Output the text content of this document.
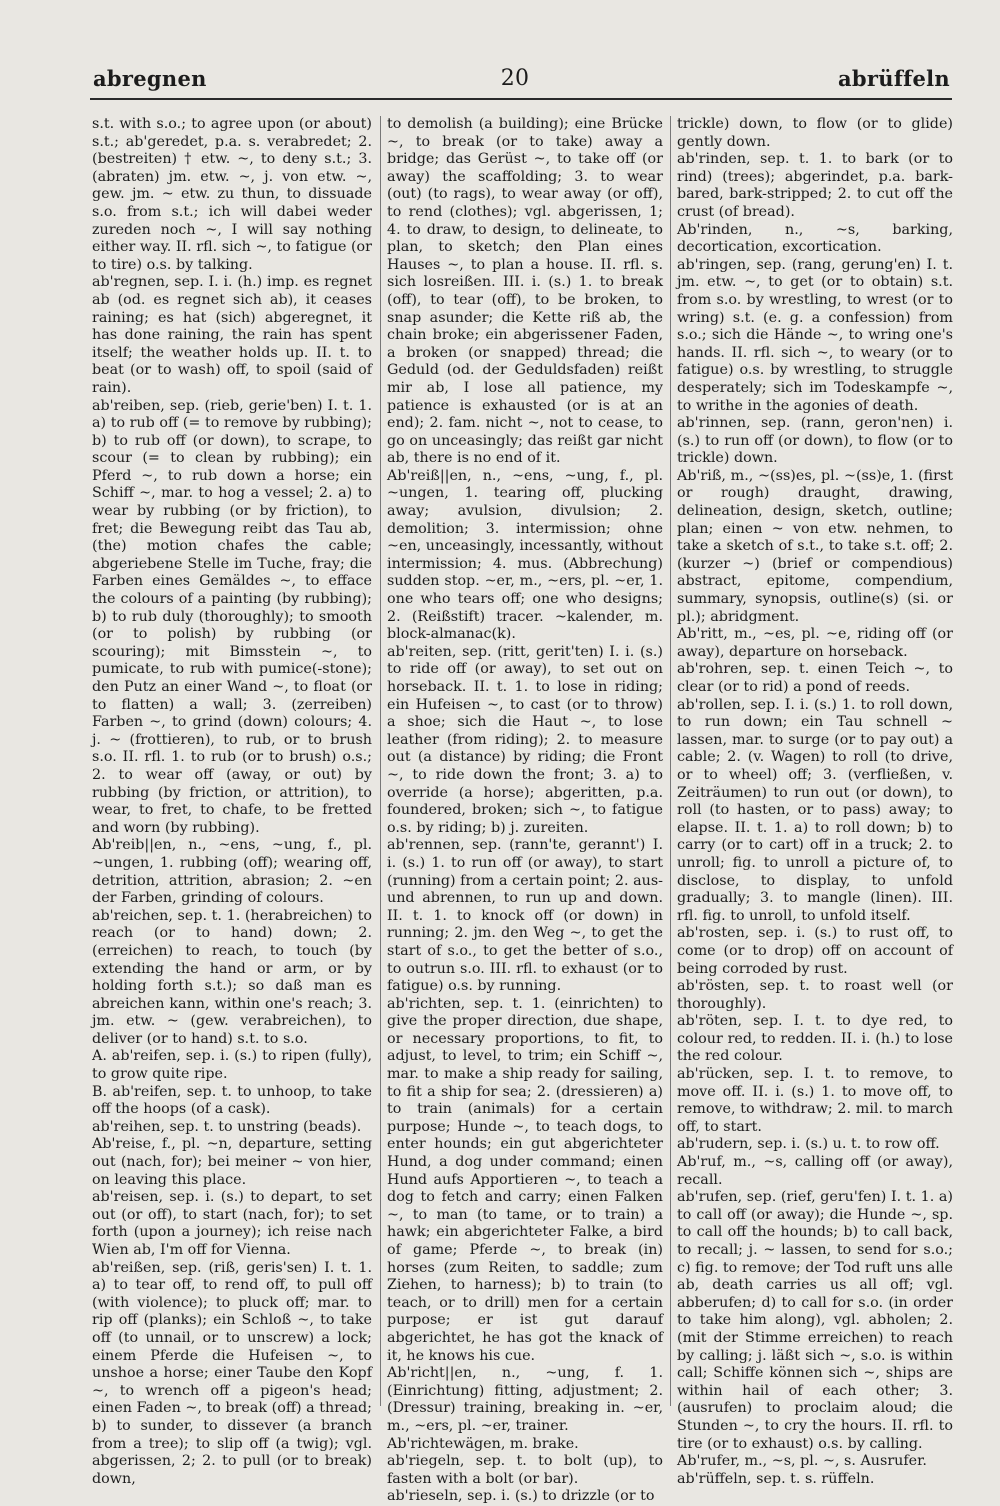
abregnen	20	abrüffeln

s.t. with s.o.; to agree upon (or about) s.t.; ab'geredet, p.a. s. verabredet; 2. (bestreiten) † etw. ~, to deny s.t.; 3. (abraten) jm. etw. ~, j. von etw. ~, gew. jm. ~ etw. zu thun, to dissuade s.o. from s.t.; ich will dabei weder zureden noch ~, I will say nothing either way. II. rfl. sich ~, to fatigue (or to tire) o.s. by talking.

ab'regnen, sep. I. i. (h.) imp. es regnet ab (od. es regnet sich ab), it ceases raining; es hat (sich) abgeregnet, it has done raining, the rain has spent itself; the weather holds up. II. t. to beat (or to wash) off, to spoil (said of rain).

ab'reiben, sep. (rieb, gerie'ben) I. t. 1. a) to rub off (= to remove by rubbing); b) to rub off (or down), to scrape, to scour (= to clean by rubbing); ein Pferd ~, to rub down a horse; ein Schiff ~, mar. to hog a vessel; 2. a) to wear by rubbing (or by friction), to fret; die Bewegung reibt das Tau ab, (the) motion chafes the cable; abgeriebene Stelle im Tuche, fray; die Farben eines Gemäldes ~, to efface the colours of a painting (by rubbing); b) to rub duly (thoroughly); to smooth (or to polish) by rubbing (or scouring); mit Bimsstein ~, to pumicate, to rub with pumice(-stone); den Putz an einer Wand ~, to float (or to flatten) a wall; 3. (zerreiben) Farben ~, to grind (down) colours; 4. j. ~ (frottieren), to rub, or to brush s.o. II. rfl. 1. to rub (or to brush) o.s.; 2. to wear off (away, or out) by rubbing (by friction, or attrition), to wear, to fret, to chafe, to be fretted and worn (by rubbing).

Ab'reib||en, n., ~ens, ~ung, f., pl. ~ungen, 1. rubbing (off); wearing off, detrition, attrition, abrasion; 2. ~en der Farben, grinding of colours.

ab'reichen, sep. t. 1. (herabreichen) to reach (or to hand) down; 2. (erreichen) to reach, to touch (by extending the hand or arm, or by holding forth s.t.); so daß man es abreichen kann, within one's reach; 3. jm. etw. ~ (gew. verabreichen), to deliver (or to hand) s.t. to s.o.

A. ab'reifen, sep. i. (s.) to ripen (fully), to grow quite ripe.

B. ab'reifen, sep. t. to unhoop, to take off the hoops (of a cask).

ab'reihen, sep. t. to unstring (beads).

Ab'reise, f., pl. ~n, departure, setting out (nach, for); bei meiner ~ von hier, on leaving this place.

ab'reisen, sep. i. (s.) to depart, to set out (or off), to start (nach, for); to set forth (upon a journey); ich reise nach Wien ab, I'm off for Vienna.

ab'reißen, sep. (riß, geris'sen) I. t. 1. a) to tear off, to rend off, to pull off (with violence); to pluck off; mar. to rip off (planks); ein Schloß ~, to take off (to unnail, or to unscrew) a lock; einem Pferde die Hufeisen ~, to unshoe a horse; einer Taube den Kopf ~, to wrench off a pigeon's head; einen Faden ~, to break (off) a thread; b) to sunder, to dissever (a branch from a tree); to slip off (a twig); vgl. abgerissen, 2; 2. to pull (or to break) down,

to demolish (a building); eine Brücke ~, to break (or to take) away a bridge; das Gerüst ~, to take off (or away) the scaffolding; 3. to wear (out) (to rags), to wear away (or off), to rend (clothes); vgl. abgerissen, 1; 4. to draw, to design, to delineate, to plan, to sketch; den Plan eines Hauses ~, to plan a house. II. rfl. s. sich losreißen. III. i. (s.) 1. to break (off), to tear (off), to be broken, to snap asunder; die Kette riß ab, the chain broke; ein abgerissener Faden, a broken (or snapped) thread; die Geduld (od. der Geduldsfaden) reißt mir ab, I lose all patience, my patience is exhausted (or is at an end); 2. fam. nicht ~, not to cease, to go on unceasingly; das reißt gar nicht ab, there is no end of it.

Ab'reiß||en, n., ~ens, ~ung, f., pl. ~ungen, 1. tearing off, plucking away; avulsion, divulsion; 2. demolition; 3. intermission; ohne ~en, unceasingly, incessantly, without intermission; 4. mus. (Abbrechung) sudden stop. ~er, m., ~ers, pl. ~er, 1. one who tears off; one who designs; 2. (Reißstift) tracer. ~kalender, m. block-almanac(k).

ab'reiten, sep. (ritt, gerit'ten) I. i. (s.) to ride off (or away), to set out on horseback. II. t. 1. to lose in riding; ein Hufeisen ~, to cast (or to throw) a shoe; sich die Haut ~, to lose leather (from riding); 2. to measure out (a distance) by riding; die Front ~, to ride down the front; 3. a) to override (a horse); abgeritten, p.a. foundered, broken; sich ~, to fatigue o.s. by riding; b) j. zureiten.

ab'rennen, sep. (rann'te, gerannt') I. i. (s.) 1. to run off (or away), to start (running) from a certain point; 2. aus- und abrennen, to run up and down. II. t. 1. to knock off (or down) in running; 2. jm. den Weg ~, to get the start of s.o., to get the better of s.o., to outrun s.o. III. rfl. to exhaust (or to fatigue) o.s. by running.

ab'richten, sep. t. 1. (einrichten) to give the proper direction, due shape, or necessary proportions, to fit, to adjust, to level, to trim; ein Schiff ~, mar. to make a ship ready for sailing, to fit a ship for sea; 2. (dressieren) a) to train (animals) for a certain purpose; Hunde ~, to teach dogs, to enter hounds; ein gut abgerichteter Hund, a dog under command; einen Hund aufs Apportieren ~, to teach a dog to fetch and carry; einen Falken ~, to man (to tame, or to train) a hawk; ein abgerichteter Falke, a bird of game; Pferde ~, to break (in) horses (zum Reiten, to saddle; zum Ziehen, to harness); b) to train (to teach, or to drill) men for a certain purpose; er ist gut darauf abgerichtet, he has got the knack of it, he knows his cue.

Ab'richt||en, n., ~ung, f. 1. (Einrichtung) fitting, adjustment; 2. (Dressur) training, breaking in. ~er, m., ~ers, pl. ~er, trainer.

Ab'richtewägen, m. brake.

ab'riegeln, sep. t. to bolt (up), to fasten with a bolt (or bar).

ab'rieseln, sep. i. (s.) to drizzle (or to

trickle) down, to flow (or to glide) gently down.

ab'rinden, sep. t. 1. to bark (or to rind) (trees); abgerindet, p.a. bark-bared, bark-stripped; 2. to cut off the crust (of bread).

Ab'rinden, n., ~s, barking, decortication, excortication.

ab'ringen, sep. (rang, gerung'en) I. t. jm. etw. ~, to get (or to obtain) s.t. from s.o. by wrestling, to wrest (or to wring) s.t. (e. g. a confession) from s.o.; sich die Hände ~, to wring one's hands. II. rfl. sich ~, to weary (or to fatigue) o.s. by wrestling, to struggle desperately; sich im Todeskampfe ~, to writhe in the agonies of death.

ab'rinnen, sep. (rann, geron'nen) i. (s.) to run off (or down), to flow (or to trickle) down.

Ab'riß, m., ~(ss)es, pl. ~(ss)e, 1. (first or rough) draught, drawing, delineation, design, sketch, outline; plan; einen ~ von etw. nehmen, to take a sketch of s.t., to take s.t. off; 2. (kurzer ~) (brief or compendious) abstract, epitome, compendium, summary, synopsis, outline(s) (si. or pl.); abridgment.

Ab'ritt, m., ~es, pl. ~e, riding off (or away), departure on horseback.

ab'rohren, sep. t. einen Teich ~, to clear (or to rid) a pond of reeds.

ab'rollen, sep. I. i. (s.) 1. to roll down, to run down; ein Tau schnell ~ lassen, mar. to surge (or to pay out) a cable; 2. (v. Wagen) to roll (to drive, or to wheel) off; 3. (verfließen, v. Zeiträumen) to run out (or down), to roll (to hasten, or to pass) away; to elapse. II. t. 1. a) to roll down; b) to carry (or to cart) off in a truck; 2. to unroll; fig. to unroll a picture of, to disclose, to display, to unfold gradually; 3. to mangle (linen). III. rfl. fig. to unroll, to unfold itself.

ab'rosten, sep. i. (s.) to rust off, to come (or to drop) off on account of being corroded by rust.

ab'rösten, sep. t. to roast well (or thoroughly).

ab'röten, sep. I. t. to dye red, to colour red, to redden. II. i. (h.) to lose the red colour.

ab'rücken, sep. I. t. to remove, to move off. II. i. (s.) 1. to move off, to remove, to withdraw; 2. mil. to march off, to start.

ab'rudern, sep. i. (s.) u. t. to row off.

Ab'ruf, m., ~s, calling off (or away), recall.

ab'rufen, sep. (rief, geru'fen) I. t. 1. a) to call off (or away); die Hunde ~, sp. to call off the hounds; b) to call back, to recall; j. ~ lassen, to send for s.o.; c) fig. to remove; der Tod ruft uns alle ab, death carries us all off; vgl. abberufen; d) to call for s.o. (in order to take him along), vgl. abholen; 2. (mit der Stimme erreichen) to reach by calling; j. läßt sich ~, s.o. is within call; Schiffe können sich ~, ships are within hail of each other; 3. (ausrufen) to proclaim aloud; die Stunden ~, to cry the hours. II. rfl. to tire (or to exhaust) o.s. by calling.

Ab'rufer, m., ~s, pl. ~, s. Ausrufer.

ab'rüffeln, sep. t. s. rüffeln.
